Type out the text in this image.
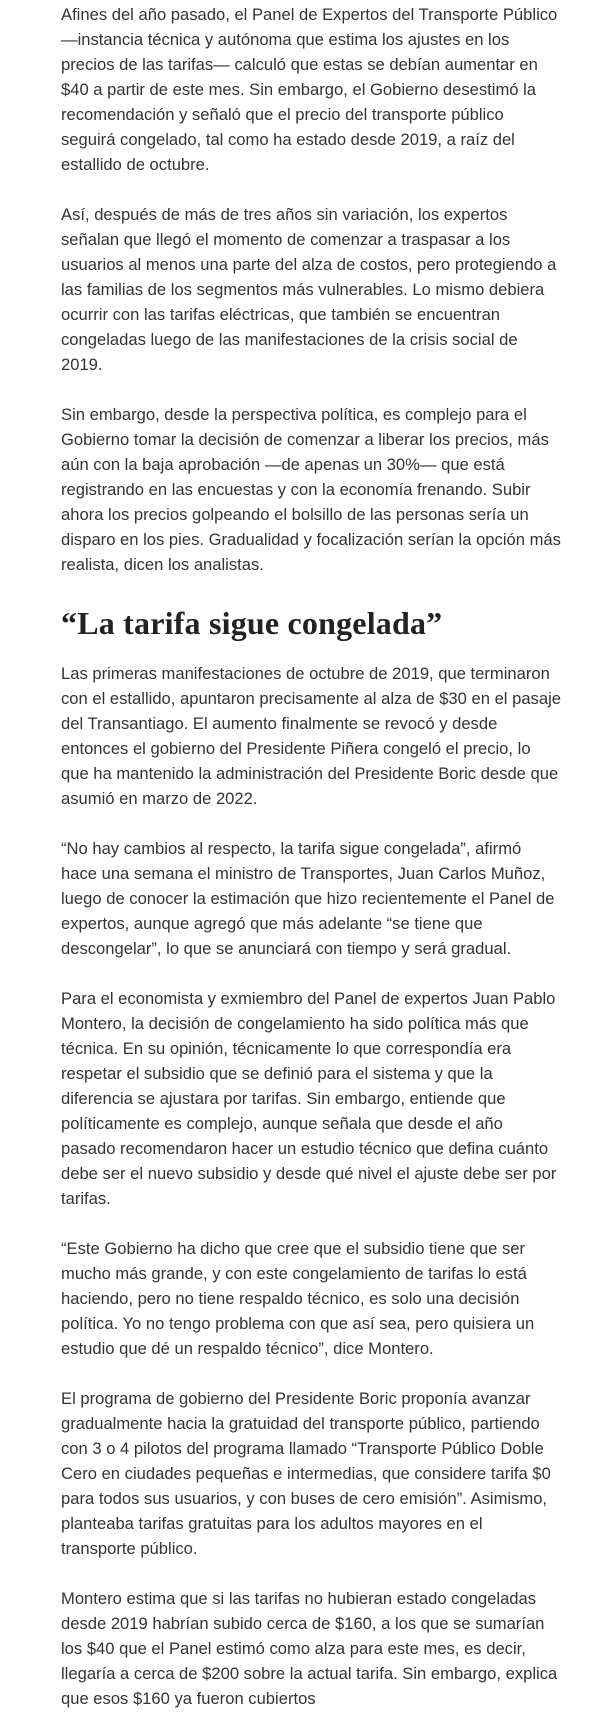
Afines del año pasado, el Panel de Expertos del Transporte Público —instancia técnica y autónoma que estima los ajustes en los precios de las tarifas— calculó que estas se debían aumentar en $40 a partir de este mes. Sin embargo, el Gobierno desestimó la recomendación y señaló que el precio del transporte público seguirá congelado, tal como ha estado desde 2019, a raíz del estallido de octubre.

Así, después de más de tres años sin variación, los expertos señalan que llegó el momento de comenzar a traspasar a los usuarios al menos una parte del alza de costos, pero protegiendo a las familias de los segmentos más vulnerables. Lo mismo debiera ocurrir con las tarifas eléctricas, que también se encuentran congeladas luego de las manifestaciones de la crisis social de 2019.

Sin embargo, desde la perspectiva política, es complejo para el Gobierno tomar la decisión de comenzar a liberar los precios, más aún con la baja aprobación —de apenas un 30%— que está registrando en las encuestas y con la economía frenando. Subir ahora los precios golpeando el bolsillo de las personas sería un disparo en los pies. Gradualidad y focalización serían la opción más realista, dicen los analistas.

“La tarifa sigue congelada”

Las primeras manifestaciones de octubre de 2019, que terminaron con el estallido, apuntaron precisamente al alza de $30 en el pasaje del Transantiago. El aumento finalmente se revocó y desde entonces el gobierno del Presidente Piñera congeló el precio, lo que ha mantenido la administración del Presidente Boric desde que asumió en marzo de 2022.

“No hay cambios al respecto, la tarifa sigue congelada”, afirmó hace una semana el ministro de Transportes, Juan Carlos Muñoz, luego de conocer la estimación que hizo recientemente el Panel de expertos, aunque agregó que más adelante “se tiene que descongelar”, lo que se anunciará con tiempo y será gradual.

Para el economista y exmiembro del Panel de expertos Juan Pablo Montero, la decisión de congelamiento ha sido política más que técnica. En su opinión, técnicamente lo que correspondía era respetar el subsidio que se definió para el sistema y que la diferencia se ajustara por tarifas. Sin embargo, entiende que políticamente es complejo, aunque señala que desde el año pasado recomendaron hacer un estudio técnico que defina cuánto debe ser el nuevo subsidio y desde qué nivel el ajuste debe ser por tarifas.

“Este Gobierno ha dicho que cree que el subsidio tiene que ser mucho más grande, y con este congelamiento de tarifas lo está haciendo, pero no tiene respaldo técnico, es solo una decisión política. Yo no tengo problema con que así sea, pero quisiera un estudio que dé un respaldo técnico”, dice Montero.

El programa de gobierno del Presidente Boric proponía avanzar gradualmente hacia la gratuidad del transporte público, partiendo con 3 o 4 pilotos del programa llamado “Transporte Público Doble Cero en ciudades pequeñas e intermedias, que considere tarifa $0 para todos sus usuarios, y con buses de cero emisión”. Asimismo, planteaba tarifas gratuitas para los adultos mayores en el transporte público.

Montero estima que si las tarifas no hubieran estado congeladas desde 2019 habrían subido cerca de $160, a los que se sumarían los $40 que el Panel estimó como alza para este mes, es decir, llegaría a cerca de $200 sobre la actual tarifa. Sin embargo, explica que esos $160 ya fueron cubiertos
